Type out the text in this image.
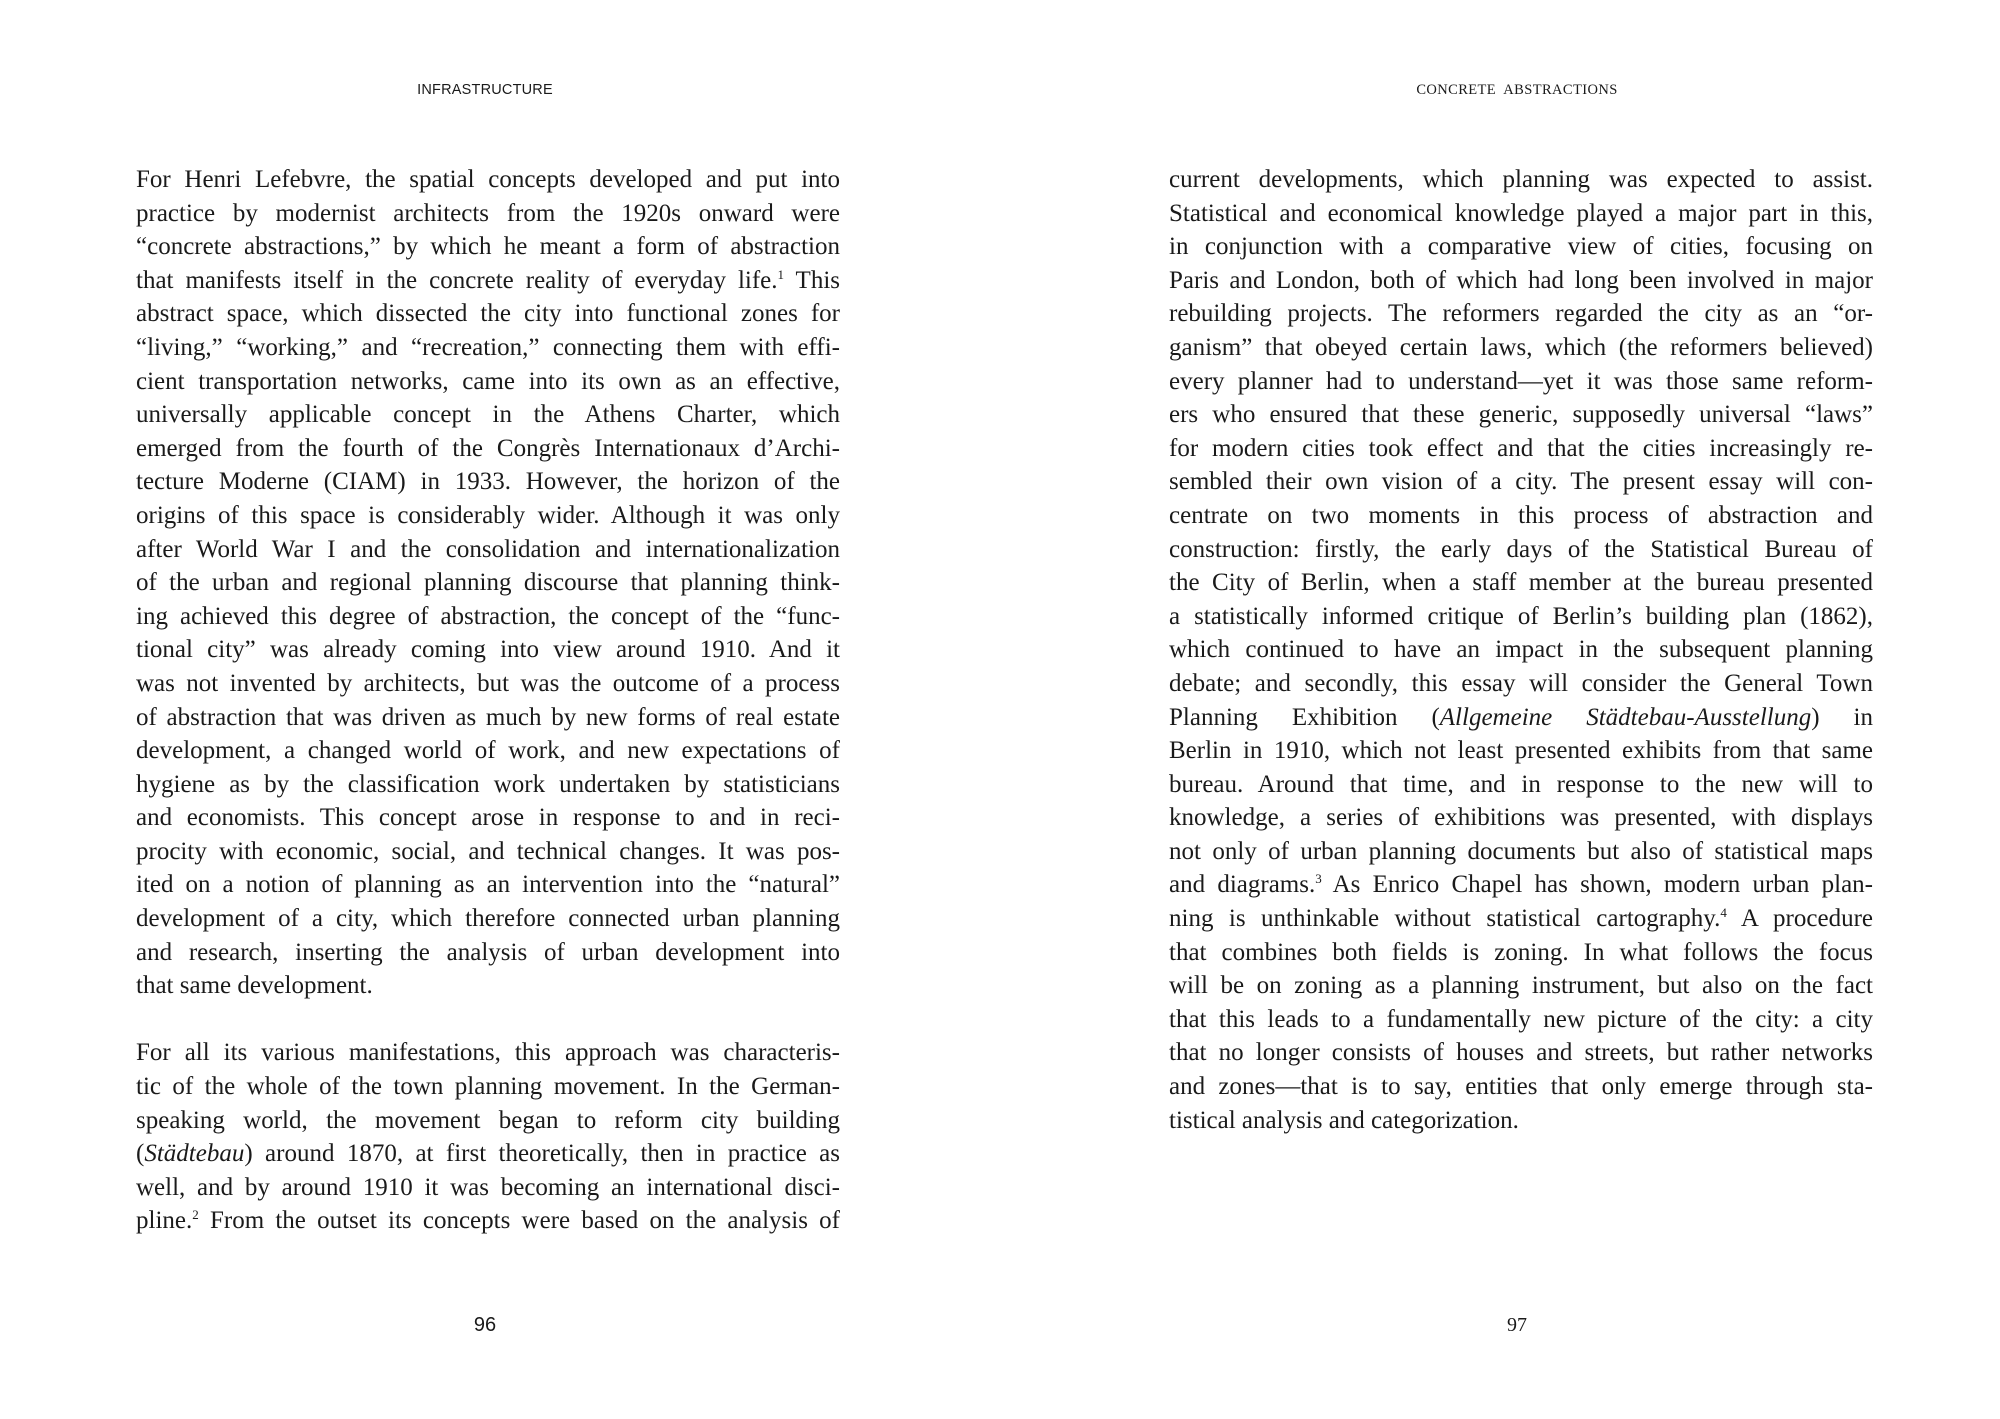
INFRASTRUCTURE
For Henri Lefebvre, the spatial concepts developed and put into
practice by modernist architects from the 1920s onward were
“concrete abstractions,” by which he meant a form of abstraction
that manifests itself in the concrete reality of everyday life.$^1$ This
abstract space, which dissected the city into functional zones for
“living,” “working,” and “recreation,” connecting them with effi-
cient transportation networks, came into its own as an effective,
universally applicable concept in the Athens Charter, which
emerged from the fourth of the Congrès Internationaux d’Archi-
tecture Moderne (CIAM) in 1933. However, the horizon of the
origins of this space is considerably wider. Although it was only
after World War I and the consolidation and internationalization
of the urban and regional planning discourse that planning think-
ing achieved this degree of abstraction, the concept of the “func-
tional city” was already coming into view around 1910. And it
was not invented by architects, but was the outcome of a process
of abstraction that was driven as much by new forms of real estate
development, a changed world of work, and new expectations of
hygiene as by the classification work undertaken by statisticians
and economists. This concept arose in response to and in reci-
procity with economic, social, and technical changes. It was pos-
ited on a notion of planning as an intervention into the “natural”
development of a city, which therefore connected urban planning
and research, inserting the analysis of urban development into
that same development.
For all its various manifestations, this approach was characteris-
tic of the whole of the town planning movement. In the German-
speaking world, the movement began to reform city building
(Städtebau) around 1870, at first theoretically, then in practice as
well, and by around 1910 it was becoming an international disci-
pline.$^2$ From the outset its concepts were based on the analysis of
96
CONCRETE ABSTRACTIONS
current developments, which planning was expected to assist.
Statistical and economical knowledge played a major part in this,
in conjunction with a comparative view of cities, focusing on
Paris and London, both of which had long been involved in major
rebuilding projects. The reformers regarded the city as an “or-
ganism” that obeyed certain laws, which (the reformers believed)
every planner had to understand—yet it was those same reform-
ers who ensured that these generic, supposedly universal “laws”
for modern cities took effect and that the cities increasingly re-
sembled their own vision of a city. The present essay will con-
centrate on two moments in this process of abstraction and
construction: firstly, the early days of the Statistical Bureau of
the City of Berlin, when a staff member at the bureau presented
a statistically informed critique of Berlin’s building plan (1862),
which continued to have an impact in the subsequent planning
debate; and secondly, this essay will consider the General Town
Planning Exhibition (Allgemeine Städtebau-Ausstellung) in
Berlin in 1910, which not least presented exhibits from that same
bureau. Around that time, and in response to the new will to
knowledge, a series of exhibitions was presented, with displays
not only of urban planning documents but also of statistical maps
and diagrams.$^3$ As Enrico Chapel has shown, modern urban plan-
ning is unthinkable without statistical cartography.$^4$ A procedure
that combines both fields is zoning. In what follows the focus
will be on zoning as a planning instrument, but also on the fact
that this leads to a fundamentally new picture of the city: a city
that no longer consists of houses and streets, but rather networks
and zones—that is to say, entities that only emerge through sta-
tistical analysis and categorization.
97
